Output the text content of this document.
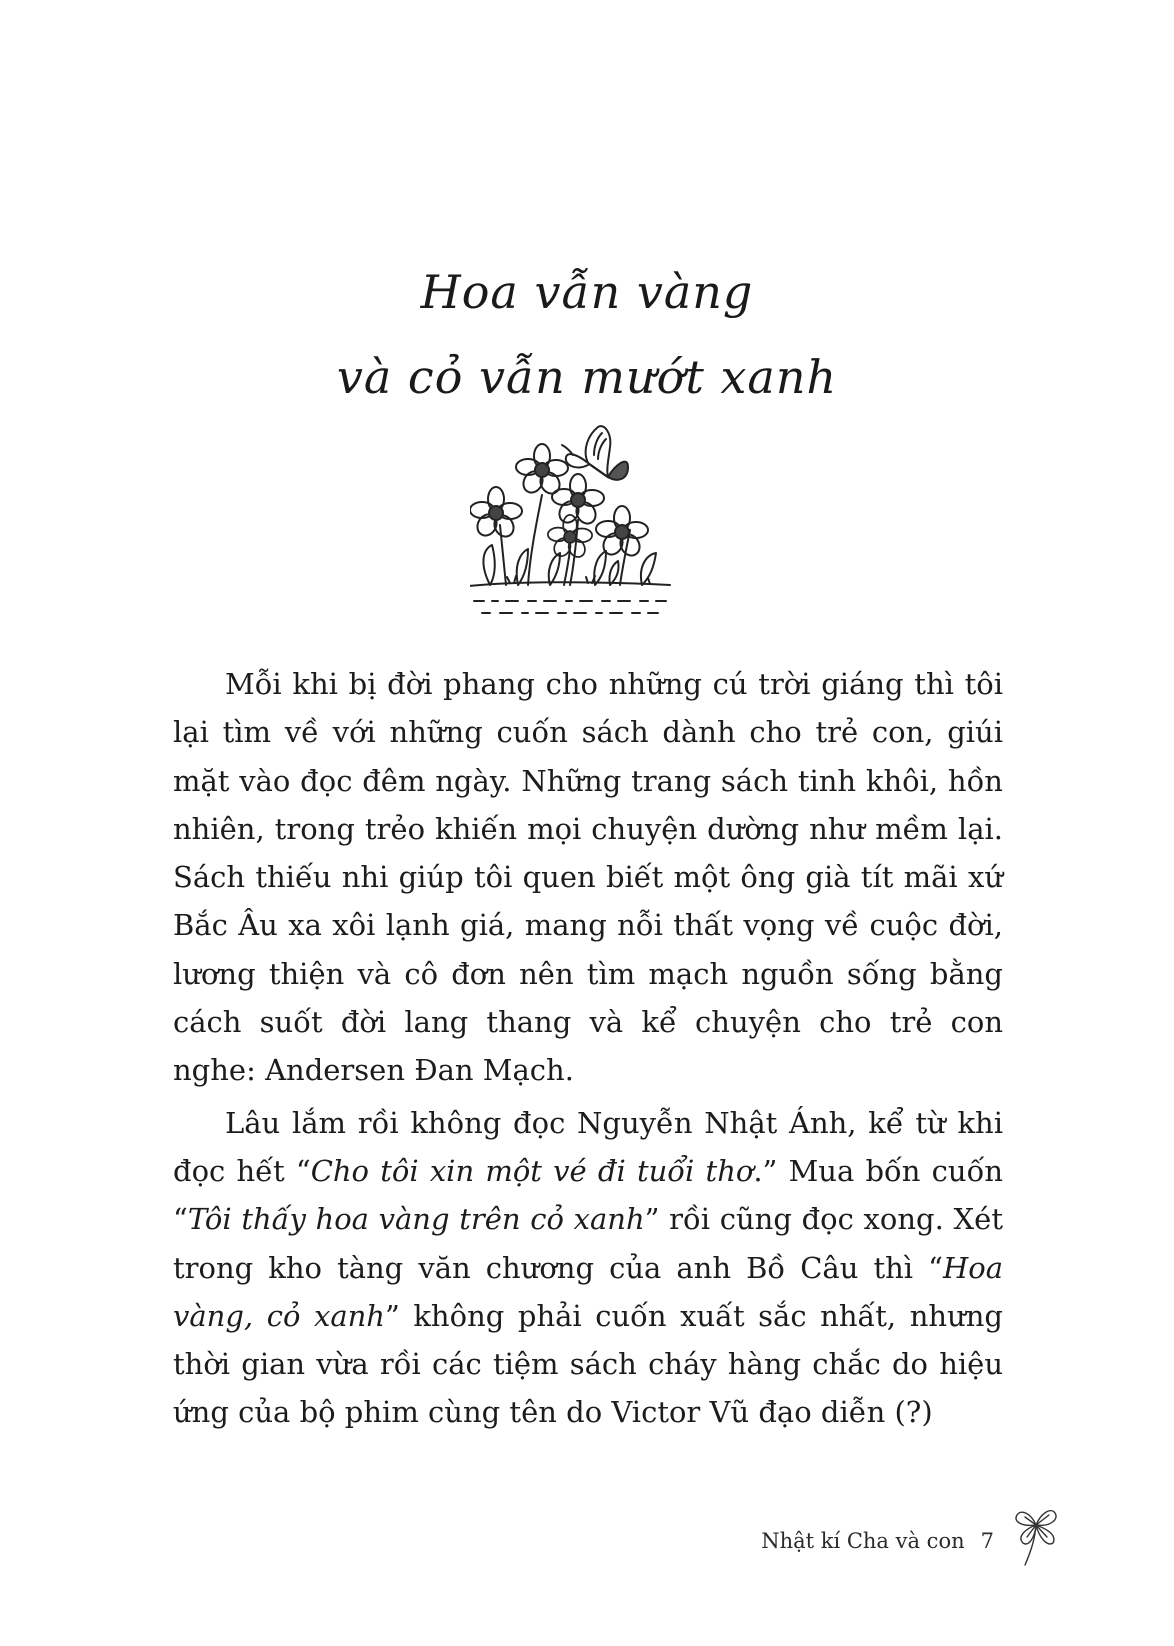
Hoa vẫn vàng
và cỏ vẫn mướt xanh

Mỗi khi bị đời phang cho những cú trời giáng thì tôi lại tìm về với những cuốn sách dành cho trẻ con, giúi mặt vào đọc đêm ngày. Những trang sách tinh khôi, hồn nhiên, trong trẻo khiến mọi chuyện dường như mềm lại. Sách thiếu nhi giúp tôi quen biết một ông già tít mãi xứ Bắc Âu xa xôi lạnh giá, mang nỗi thất vọng về cuộc đời, lương thiện và cô đơn nên tìm mạch nguồn sống bằng cách suốt đời lang thang và kể chuyện cho trẻ con nghe: Andersen Đan Mạch.

Lâu lắm rồi không đọc Nguyễn Nhật Ánh, kể từ khi đọc hết “Cho tôi xin một vé đi tuổi thơ.” Mua bốn cuốn “Tôi thấy hoa vàng trên cỏ xanh” rồi cũng đọc xong. Xét trong kho tàng văn chương của anh Bồ Câu thì “Hoa vàng, cỏ xanh” không phải cuốn xuất sắc nhất, nhưng thời gian vừa rồi các tiệm sách cháy hàng chắc do hiệu ứng của bộ phim cùng tên do Victor Vũ đạo diễn (?)

Nhật kí Cha và con 7
